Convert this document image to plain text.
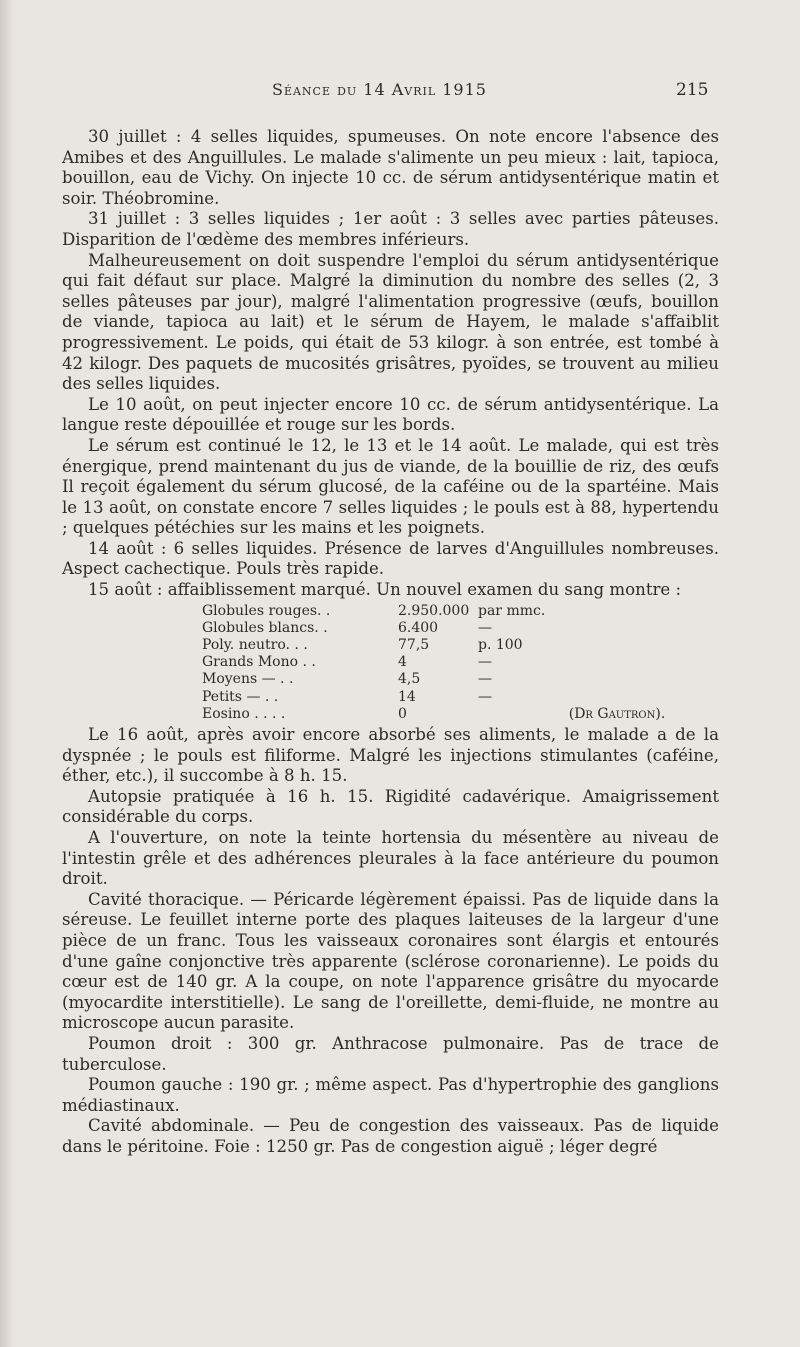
Séance du 14 Avril 1915	215

30 juillet : 4 selles liquides, spumeuses. On note encore l'absence des Amibes et des Anguillules. Le malade s'alimente un peu mieux : lait, tapioca, bouillon, eau de Vichy. On injecte 10 cc. de sérum antidysentérique matin et soir. Théobromine.

31 juillet : 3 selles liquides ; 1er août : 3 selles avec parties pâteuses. Disparition de l'œdème des membres inférieurs.

Malheureusement on doit suspendre l'emploi du sérum antidysentérique qui fait défaut sur place. Malgré la diminution du nombre des selles (2, 3 selles pâteuses par jour), malgré l'alimentation progressive (œufs, bouillon de viande, tapioca au lait) et le sérum de Hayem, le malade s'affaiblit progressivement. Le poids, qui était de 53 kilogr. à son entrée, est tombé à 42 kilogr. Des paquets de mucosités grisâtres, pyoïdes, se trouvent au milieu des selles liquides.

Le 10 août, on peut injecter encore 10 cc. de sérum antidysentérique. La langue reste dépouillée et rouge sur les bords.

Le sérum est continué le 12, le 13 et le 14 août. Le malade, qui est très énergique, prend maintenant du jus de viande, de la bouillie de riz, des œufs Il reçoit également du sérum glucosé, de la caféine ou de la spartéine. Mais le 13 août, on constate encore 7 selles liquides ; le pouls est à 88, hypertendu ; quelques pétéchies sur les mains et les poignets.

14 août : 6 selles liquides. Présence de larves d'Anguillules nombreuses. Aspect cachectique. Pouls très rapide.

15 août : affaiblissement marqué. Un nouvel examen du sang montre :

Globules rouges. .	2.950.000	par mmc.	
Globules blancs. .	6.400	—	
Poly. neutro. . .	77,5	p. 100	
Grands Mono . .	4	—	
Moyens — . .	4,5	—	
Petits — . .	14	—	
Eosino . . . .	0		(Dr Gautron).

Le 16 août, après avoir encore absorbé ses aliments, le malade a de la dyspnée ; le pouls est filiforme. Malgré les injections stimulantes (caféine, éther, etc.), il succombe à 8 h. 15.

Autopsie pratiquée à 16 h. 15. Rigidité cadavérique. Amaigrissement considérable du corps.

A l'ouverture, on note la teinte hortensia du mésentère au niveau de l'intestin grêle et des adhérences pleurales à la face antérieure du poumon droit.

Cavité thoracique. — Péricarde légèrement épaissi. Pas de liquide dans la séreuse. Le feuillet interne porte des plaques laiteuses de la largeur d'une pièce de un franc. Tous les vaisseaux coronaires sont élargis et entourés d'une gaîne conjonctive très apparente (sclérose coronarienne). Le poids du cœur est de 140 gr. A la coupe, on note l'apparence grisâtre du myocarde (myocardite interstitielle). Le sang de l'oreillette, demi-fluide, ne montre au microscope aucun parasite.

Poumon droit : 300 gr. Anthracose pulmonaire. Pas de trace de tuberculose.

Poumon gauche : 190 gr. ; même aspect. Pas d'hypertrophie des ganglions médiastinaux.

Cavité abdominale. — Peu de congestion des vaisseaux. Pas de liquide dans le péritoine. Foie : 1250 gr. Pas de congestion aiguë ; léger degré
